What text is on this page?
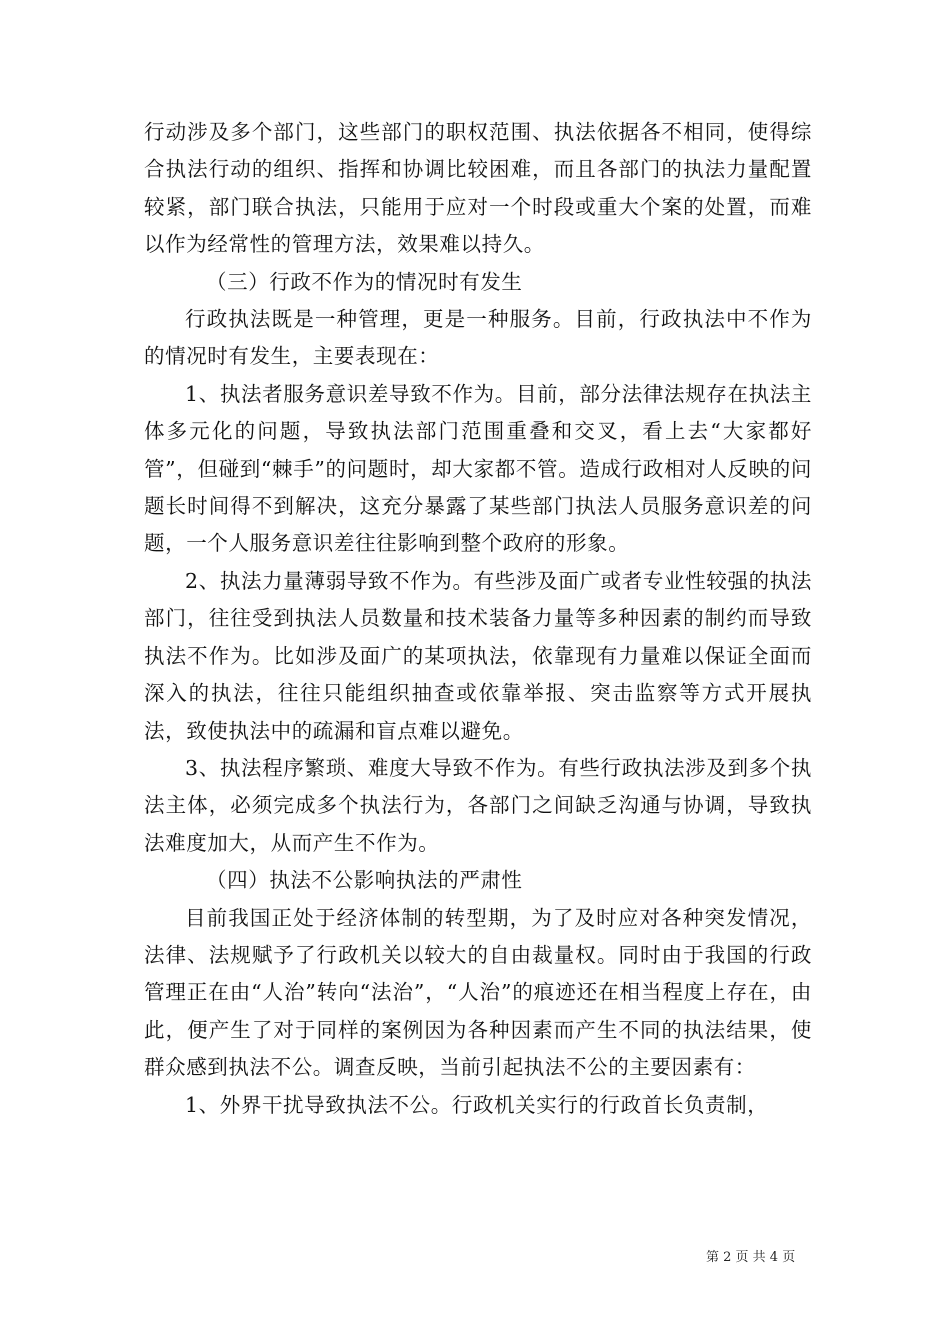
行动涉及多个部门，这些部门的职权范围、执法依据各不相同，使得综合执法行动的组织、指挥和协调比较困难，而且各部门的执法力量配置较紧，部门联合执法，只能用于应对一个时段或重大个案的处置，而难以作为经常性的管理方法，效果难以持久。

（三）行政不作为的情况时有发生

行政执法既是一种管理，更是一种服务。目前，行政执法中不作为的情况时有发生，主要表现在：

1、执法者服务意识差导致不作为。目前，部分法律法规存在执法主体多元化的问题，导致执法部门范围重叠和交叉，看上去“大家都好管”，但碰到“棘手”的问题时，却大家都不管。造成行政相对人反映的问题长时间得不到解决，这充分暴露了某些部门执法人员服务意识差的问题，一个人服务意识差往往影响到整个政府的形象。

2、执法力量薄弱导致不作为。有些涉及面广或者专业性较强的执法部门，往往受到执法人员数量和技术装备力量等多种因素的制约而导致执法不作为。比如涉及面广的某项执法，依靠现有力量难以保证全面而深入的执法，往往只能组织抽查或依靠举报、突击监察等方式开展执法，致使执法中的疏漏和盲点难以避免。

3、执法程序繁琐、难度大导致不作为。有些行政执法涉及到多个执法主体，必须完成多个执法行为，各部门之间缺乏沟通与协调，导致执法难度加大，从而产生不作为。

（四）执法不公影响执法的严肃性

目前我国正处于经济体制的转型期，为了及时应对各种突发情况，法律、法规赋予了行政机关以较大的自由裁量权。同时由于我国的行政管理正在由“人治”转向“法治”，“人治”的痕迹还在相当程度上存在，由此，便产生了对于同样的案例因为各种因素而产生不同的执法结果，使群众感到执法不公。调查反映，当前引起执法不公的主要因素有：

1、外界干扰导致执法不公。行政机关实行的行政首长负责制，

第 2 页 共 4 页
